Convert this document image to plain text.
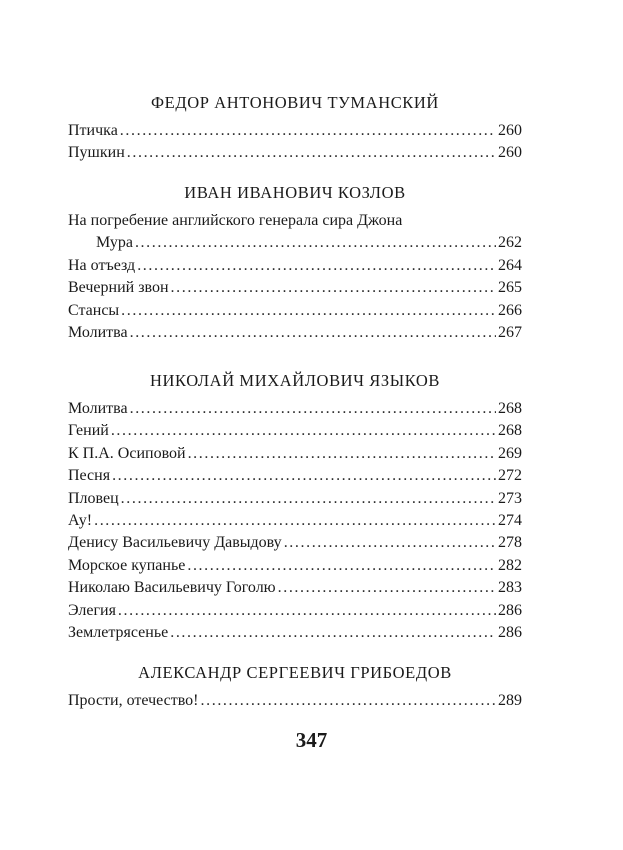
ФЕДОР АНТОНОВИЧ ТУМАНСКИЙ
Птичка . . .	260
Пушкин . . .	260
ИВАН ИВАНОВИЧ КОЗЛОВ
На погребение английского генерала сира Джона
Мура . . .	262
На отъезд . . .	264
Вечерний звон . . .	265
Стансы . . .	266
Молитва . . .	267
НИКОЛАЙ МИХАЙЛОВИЧ ЯЗЫКОВ
Молитва . . .	268
Гений . . .	268
К П.А. Осиповой . . .	269
Песня . . .	272
Пловец . . .	273
Ау! . . .	274
Денису Васильевичу Давыдову . . .	278
Морское купанье . . .	282
Николаю Васильевичу Гоголю . . .	283
Элегия . . .	286
Землетрясенье . . .	286
АЛЕКСАНДР СЕРГЕЕВИЧ ГРИБОЕДОВ
Прости, отечество! . . .	289
347
